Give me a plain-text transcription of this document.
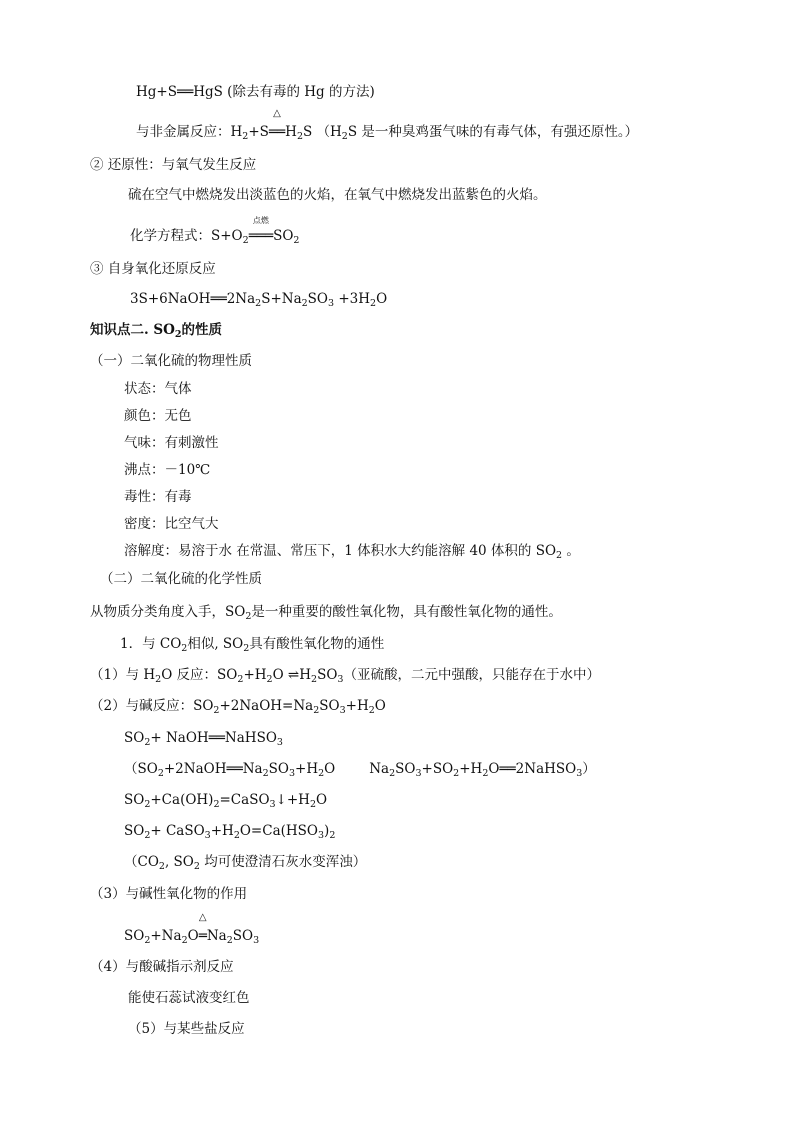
Hg+S══HgS (除去有毒的 Hg 的方法)
与非金属反应：$H_2+S$
△
$══H_2S$ （$H_2S$ 是一种臭鸡蛋气味的有毒气体，有强还原性。）
② 还原性：与氧气发生反应
硫在空气中燃烧发出淡蓝色的火焰，在氧气中燃烧发出蓝紫色的火焰。
化学方程式：$S+O_2$
点燃
$═══SO_2$
③ 自身氧化还原反应
$3S+6NaOH══2Na_2S+Na_2SO_3 +3H_2O$
知识点二. $SO_2$的性质
（一）二氧化硫的物理性质
状态：气体
颜色：无色
气味：有刺激性
沸点：－10℃
毒性：有毒
密度：比空气大
溶解度：易溶于水 在常温、常压下，1 体积水大约能溶解 40 体积的 $SO_2$ 。
（二）二氧化硫的化学性质
从物质分类角度入手，$SO_2$是一种重要的酸性氧化物，具有酸性氧化物的通性。
1．与 $CO_2$相似, $SO_2$具有酸性氧化物的通性
（1）与 $H_2O$ 反应：$SO_2+H_2O$ $\rightleftharpoons H_2SO_3$（亚硫酸，二元中强酸，只能存在于水中）
（2）与碱反应：$SO_2+2NaOH=Na_2SO_3+H_2O$
$SO_2+$ NaOH══NaHSO$_3$
（$SO_2+2NaOH══Na_2SO_3+H_2O$	$Na_2SO_3+SO_2+H_2O══2NaHSO_3$）
$SO_2+Ca(OH)_2=CaSO_3↓+H_2O$
$SO_2+$ $CaSO_3+H_2O=Ca(HSO_3)_2$
（$CO_2$, $SO_2$ 均可使澄清石灰水变浑浊）
（3）与碱性氧化物的作用
$SO_2+Na_2O$
△
$═Na_2SO_3$
（4）与酸碱指示剂反应
能使石蕊试液变红色
（5）与某些盐反应
